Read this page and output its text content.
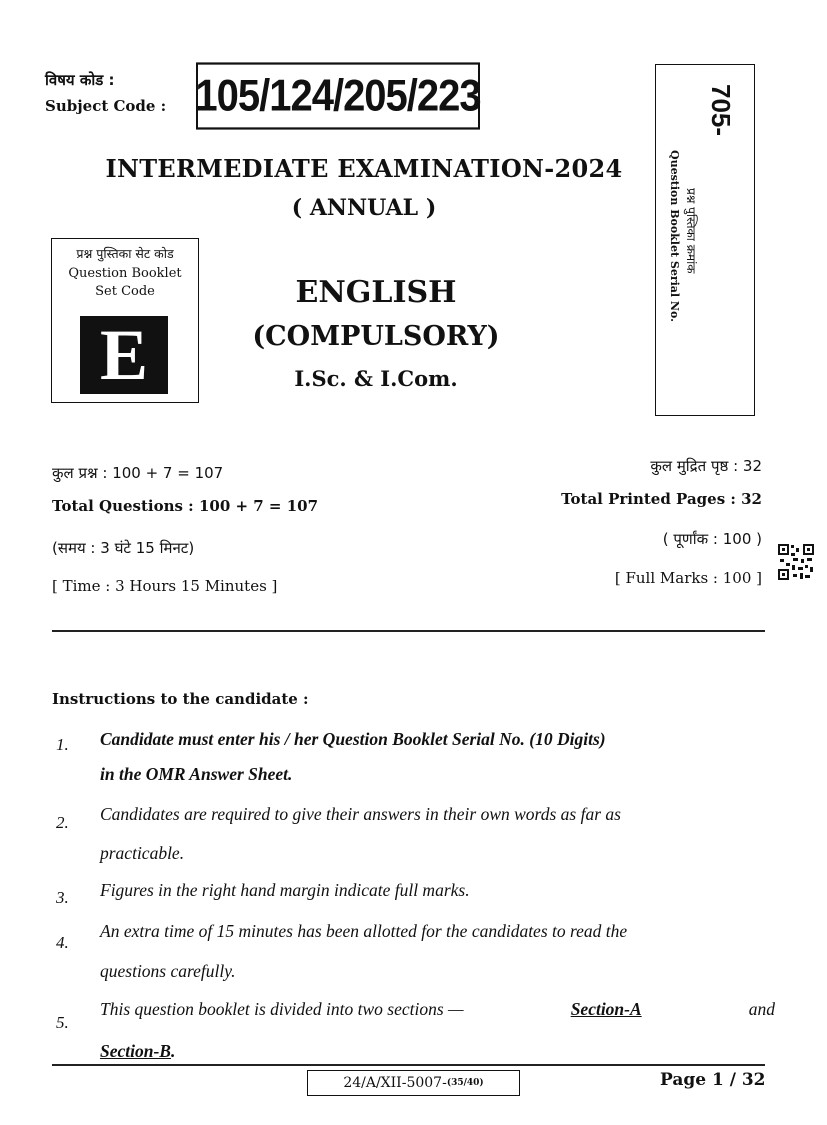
विषय कोड :
Subject Code : 105/124/205/223
INTERMEDIATE EXAMINATION-2024
( ANNUAL )
प्रश्न पुस्तिका सेट कोड
Question Booklet
Set Code
E
ENGLISH
(COMPULSORY)
I.Sc. & I.Com.
705-
Question Booklet Serial No. प्रश्न पुस्तिका क्रमांक
कुल प्रश्न : 100 + 7 = 107
Total Questions : 100 + 7 = 107
(समय : 3 घंटे 15 मिनट)
[ Time : 3 Hours 15 Minutes ]
कुल मुद्रित पृष्ठ : 32
Total Printed Pages : 32
( पूर्णांक : 100 )
[ Full Marks : 100 ]
Instructions to the candidate :
1. Candidate must enter his / her Question Booklet Serial No. (10 Digits)
in the OMR Answer Sheet.
2. Candidates are required to give their answers in their own words as far as
practicable.
3. Figures in the right hand margin indicate full marks.
4.
An extra time of 15 minutes has been allotted for the candidates to read the
questions carefully.
5.
This question booklet is divided into two sections —	Section-A	and
Section-B.
24/A/XII-5007- (35/40)	Page 1 / 32
